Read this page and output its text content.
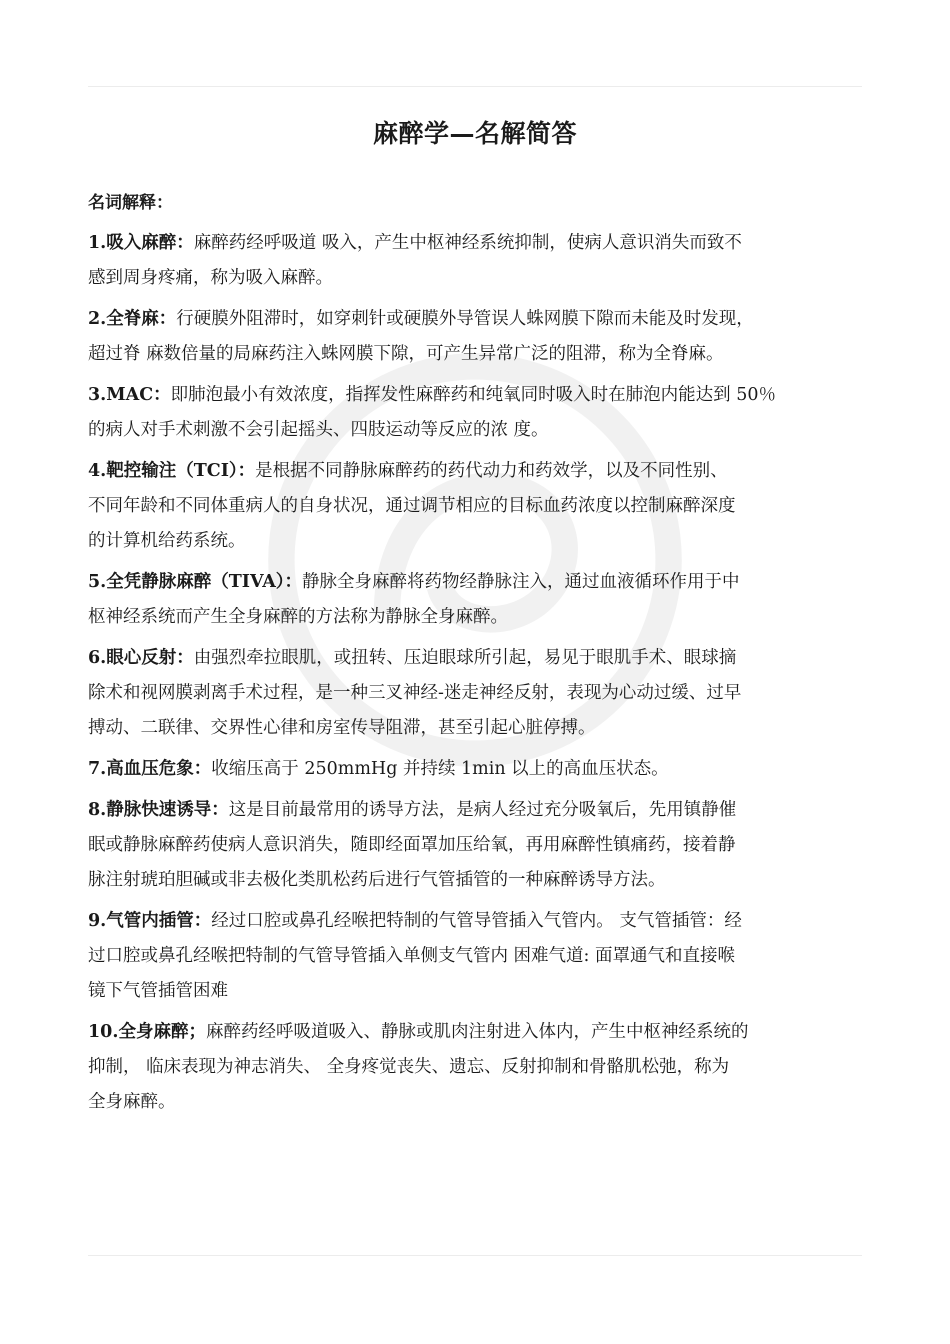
麻醉学—名解简答
名词解释：
1.吸入麻醉：麻醉药经呼吸道 吸入，产生中枢神经系统抑制，使病人意识消失而致不
感到周身疼痛，称为吸入麻醉。
2.全脊麻：行硬膜外阻滞时，如穿刺针或硬膜外导管误人蛛网膜下隙而未能及时发现，
超过脊 麻数倍量的局麻药注入蛛网膜下隙，可产生异常广泛的阻滞，称为全脊麻。
3.MAC：即肺泡最小有效浓度，指挥发性麻醉药和纯氧同时吸入时在肺泡内能达到 50％
的病人对手术刺激不会引起摇头、四肢运动等反应的浓 度。
4.靶控输注（TCI）：是根据不同静脉麻醉药的药代动力和药效学，以及不同性别、
不同年龄和不同体重病人的自身状况，通过调节相应的目标血药浓度以控制麻醉深度
的计算机给药系统。
5.全凭静脉麻醉（TIVA）：静脉全身麻醉将药物经静脉注入，通过血液循环作用于中
枢神经系统而产生全身麻醉的方法称为静脉全身麻醉。
6.眼心反射：由强烈牵拉眼肌，或扭转、压迫眼球所引起，易见于眼肌手术、眼球摘
除术和视网膜剥离手术过程，是一种三叉神经-迷走神经反射，表现为心动过缓、过早
搏动、二联律、交界性心律和房室传导阻滞，甚至引起心脏停搏。
7.高血压危象：收缩压高于 250mmHg 并持续 1min 以上的高血压状态。
8.静脉快速诱导：这是目前最常用的诱导方法，是病人经过充分吸氧后，先用镇静催
眠或静脉麻醉药使病人意识消失，随即经面罩加压给氧，再用麻醉性镇痛药，接着静
脉注射琥珀胆碱或非去极化类肌松药后进行气管插管的一种麻醉诱导方法。
9.气管内插管：经过口腔或鼻孔经喉把特制的气管导管插入气管内。 支气管插管：经
过口腔或鼻孔经喉把特制的气管导管插入单侧支气管内 困难气道: 面罩通气和直接喉
镜下气管插管困难
10.全身麻醉；麻醉药经呼吸道吸入、静脉或肌肉注射进入体内，产生中枢神经系统的
抑制， 临床表现为神志消失、 全身疼觉丧失、遗忘、反射抑制和骨骼肌松弛，称为
全身麻醉。
